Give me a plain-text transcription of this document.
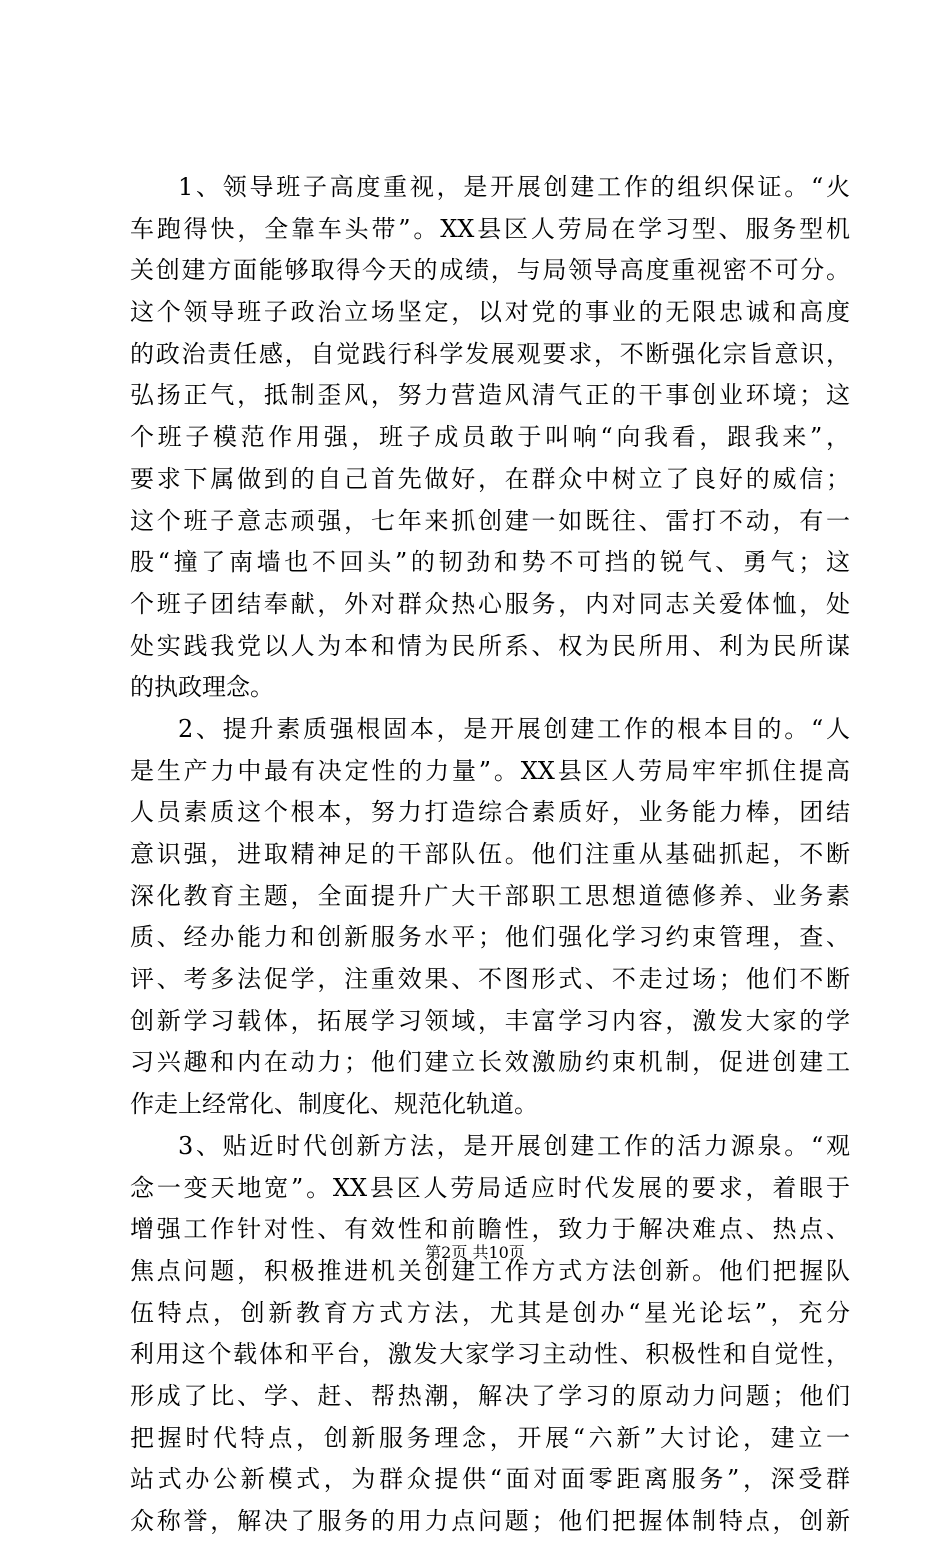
1、领导班子高度重视，是开展创建工作的组织保证。“火
车跑得快，全靠车头带”。XX县区人劳局在学习型、服务型机
关创建方面能够取得今天的成绩，与局领导高度重视密不可分。
这个领导班子政治立场坚定，以对党的事业的无限忠诚和高度
的政治责任感，自觉践行科学发展观要求，不断强化宗旨意识，
弘扬正气，抵制歪风，努力营造风清气正的干事创业环境；这
个班子模范作用强，班子成员敢于叫响“向我看，跟我来”，
要求下属做到的自己首先做好，在群众中树立了良好的威信；
这个班子意志顽强，七年来抓创建一如既往、雷打不动，有一
股“撞了南墙也不回头”的韧劲和势不可挡的锐气、勇气；这
个班子团结奉献，外对群众热心服务，内对同志关爱体恤，处
处实践我党以人为本和情为民所系、权为民所用、利为民所谋
的执政理念。
2、提升素质强根固本，是开展创建工作的根本目的。“人
是生产力中最有决定性的力量”。XX县区人劳局牢牢抓住提高
人员素质这个根本，努力打造综合素质好，业务能力棒，团结
意识强，进取精神足的干部队伍。他们注重从基础抓起，不断
深化教育主题，全面提升广大干部职工思想道德修养、业务素
质、经办能力和创新服务水平；他们强化学习约束管理，查、
评、考多法促学，注重效果、不图形式、不走过场；他们不断
创新学习载体，拓展学习领域，丰富学习内容，激发大家的学
习兴趣和内在动力；他们建立长效激励约束机制，促进创建工
作走上经常化、制度化、规范化轨道。
3、贴近时代创新方法，是开展创建工作的活力源泉。“观
念一变天地宽”。XX县区人劳局适应时代发展的要求，着眼于
增强工作针对性、有效性和前瞻性，致力于解决难点、热点、
焦点问题，积极推进机关创建工作方式方法创新。他们把握队
伍特点，创新教育方式方法，尤其是创办“星光论坛”，充分
利用这个载体和平台，激发大家学习主动性、积极性和自觉性，
形成了比、学、赶、帮热潮，解决了学习的原动力问题；他们
把握时代特点，创新服务理念，开展“六新”大讨论，建立一
站式办公新模式，为群众提供“面对面零距离服务”，深受群
众称誉，解决了服务的用力点问题；他们把握体制特点，创新
第2页 共10页
